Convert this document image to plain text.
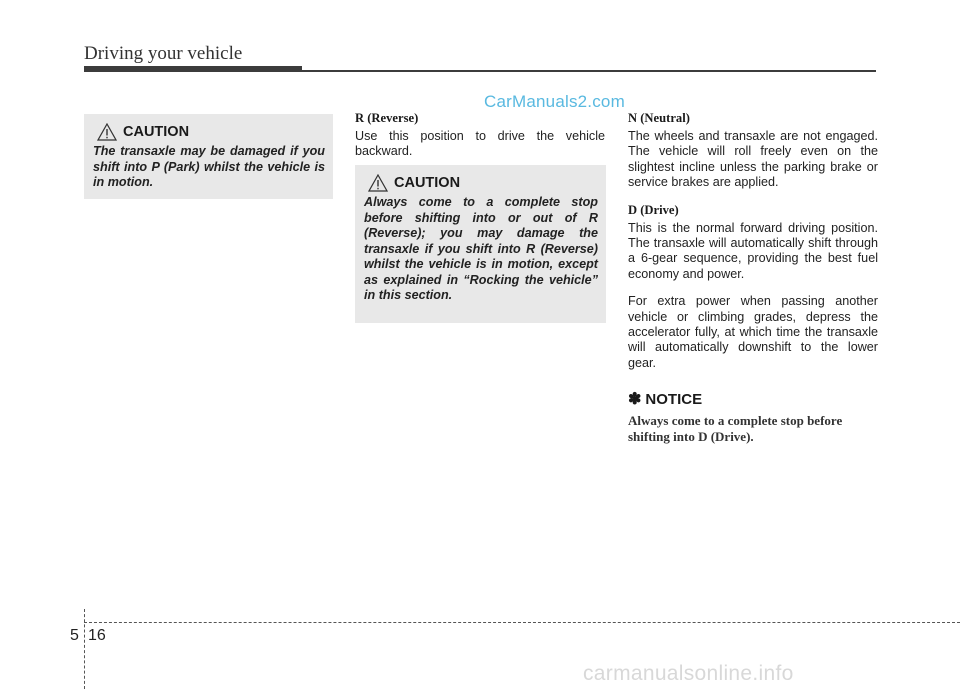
Driving your vehicle
CarManuals2.com
CAUTION
The transaxle may be damaged if you shift into P (Park) whilst the vehicle is in motion.
R (Reverse)

Use this position to drive the vehicle backward.

CAUTION
Always come to a complete stop before shifting into or out of R (Reverse); you may damage the transaxle if you shift into R (Reverse) whilst the vehicle is in motion, except as explained in “Rocking the vehicle” in this section.
N (Neutral)

The wheels and transaxle are not engaged. The vehicle will roll freely even on the slightest incline unless the parking brake or service brakes are applied.

D (Drive)

This is the normal forward driving position. The transaxle will automatically shift through a 6-gear sequence, providing the best fuel economy and power.

For extra power when passing another vehicle or climbing grades, depress the accelerator fully, at which time the transaxle will automatically downshift to the lower gear.

✽ NOTICE
Always come to a complete stop before shifting into D (Drive).
5 16
carmanualsonline.info
